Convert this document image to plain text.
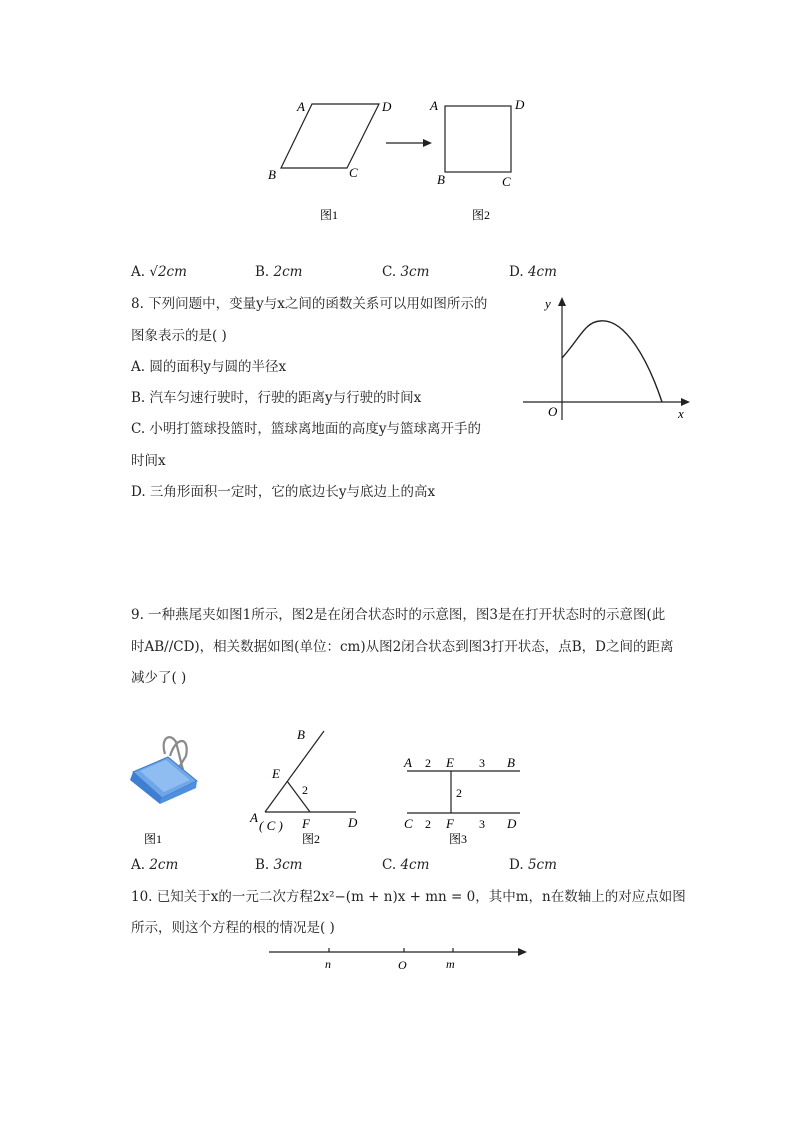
A	D
B	C
图1
A	D
B	C
图2
A. √2cm	B. 2cm	C. 3cm	D. 4cm
8. 下列问题中，变量y与x之间的函数关系可以用如图所示的
图象表示的是( )
A. 圆的面积y与圆的半径x
B. 汽车匀速行驶时，行驶的距离y与行驶的时间x
C. 小明打篮球投篮时，篮球离地面的高度y与篮球离开手的
时间x
D. 三角形面积一定时，它的底边长y与底边上的高x
y
x
O
9. 一种燕尾夹如图1所示，图2是在闭合状态时的示意图，图3是在打开状态时的示意图(此
时AB//CD)，相关数据如图(单位：cm)从图2闭合状态到图3打开状态，点B，D之间的距离
减少了( )
图1
B
E
A
( C ) F	D
2
图2
A 2 E 3 B
2
C 2 F 3 D
图3
A. 2cm	B. 3cm	C. 4cm	D. 5cm
10. 已知关于x的一元二次方程2x²−(m + n)x + mn = 0，其中m，n在数轴上的对应点如图
所示，则这个方程的根的情况是( )
n	O	m
